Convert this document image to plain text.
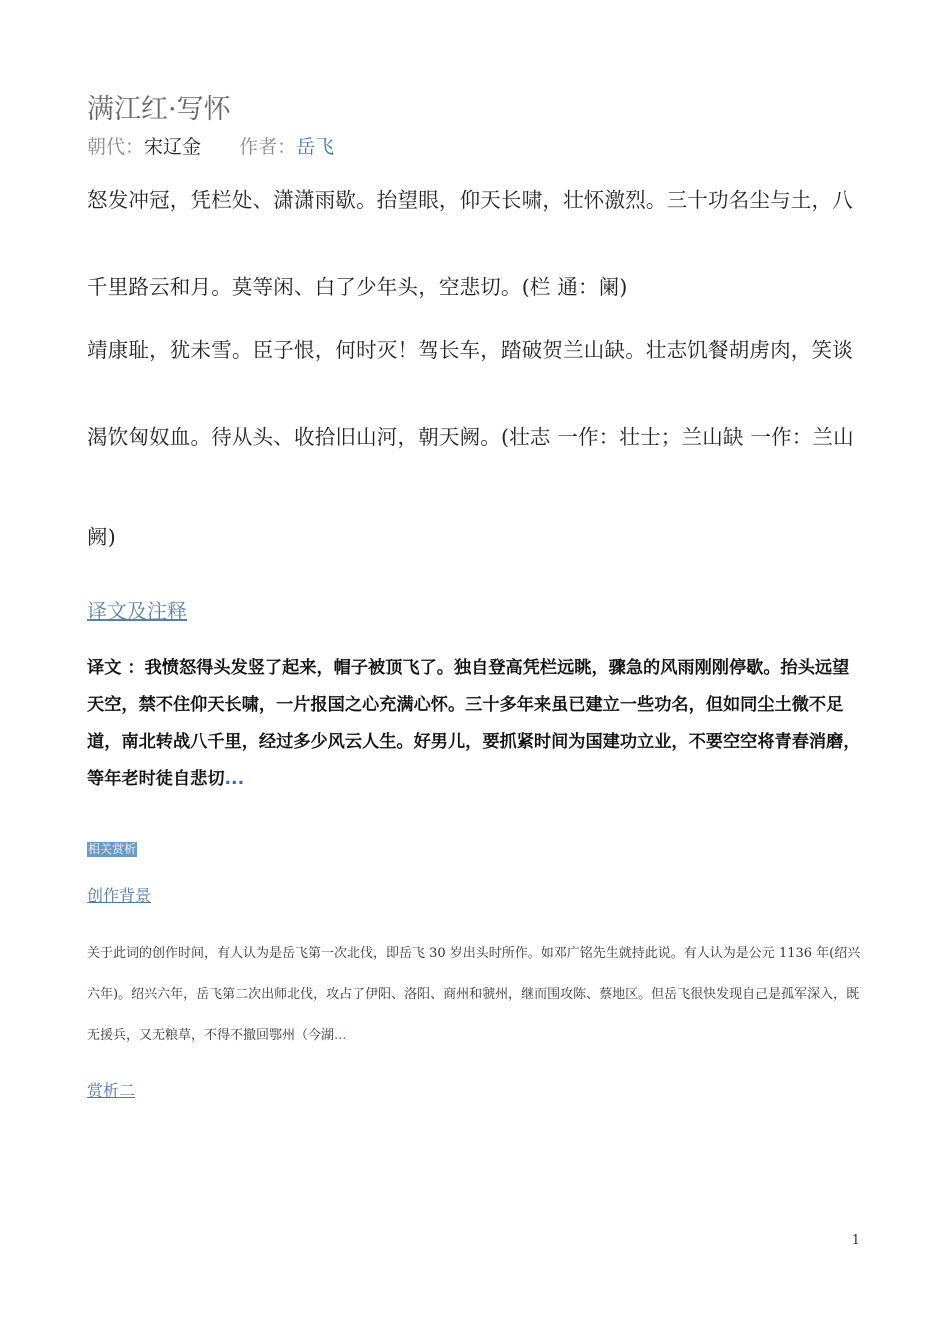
满江红·写怀
朝代：宋辽金 作者：岳飞
怒发冲冠，凭栏处、潇潇雨歇。抬望眼，仰天长啸，壮怀激烈。三十功名尘与土，八
千里路云和月。莫等闲、白了少年头，空悲切。(栏 通：阑)
靖康耻，犹未雪。臣子恨，何时灭！驾长车，踏破贺兰山缺。壮志饥餐胡虏肉，笑谈
渴饮匈奴血。待从头、收拾旧山河，朝天阙。(壮志 一作：壮士；兰山缺 一作：兰山
阙)
译文及注释
译文 ：我愤怒得头发竖了起来，帽子被顶飞了。独自登高凭栏远眺，骤急的风雨刚刚停歇。抬头远望天空，禁不住仰天长啸，一片报国之心充满心怀。三十多年来虽已建立一些功名，但如同尘土微不足道，南北转战八千里，经过多少风云人生。好男儿，要抓紧时间为国建功立业，不要空空将青春消磨，等年老时徒自悲切...
相关赏析
创作背景
关于此词的创作时间，有人认为是岳飞第一次北伐，即岳飞 30 岁出头时所作。如邓广铭先生就持此说。有人认为是公元 1136 年(绍兴六年)。绍兴六年，岳飞第二次出师北伐，攻占了伊阳、洛阳、商州和虢州，继而围攻陈、蔡地区。但岳飞很快发现自己是孤军深入，既无援兵，又无粮草，不得不撤回鄂州（今湖...
赏析二
1
